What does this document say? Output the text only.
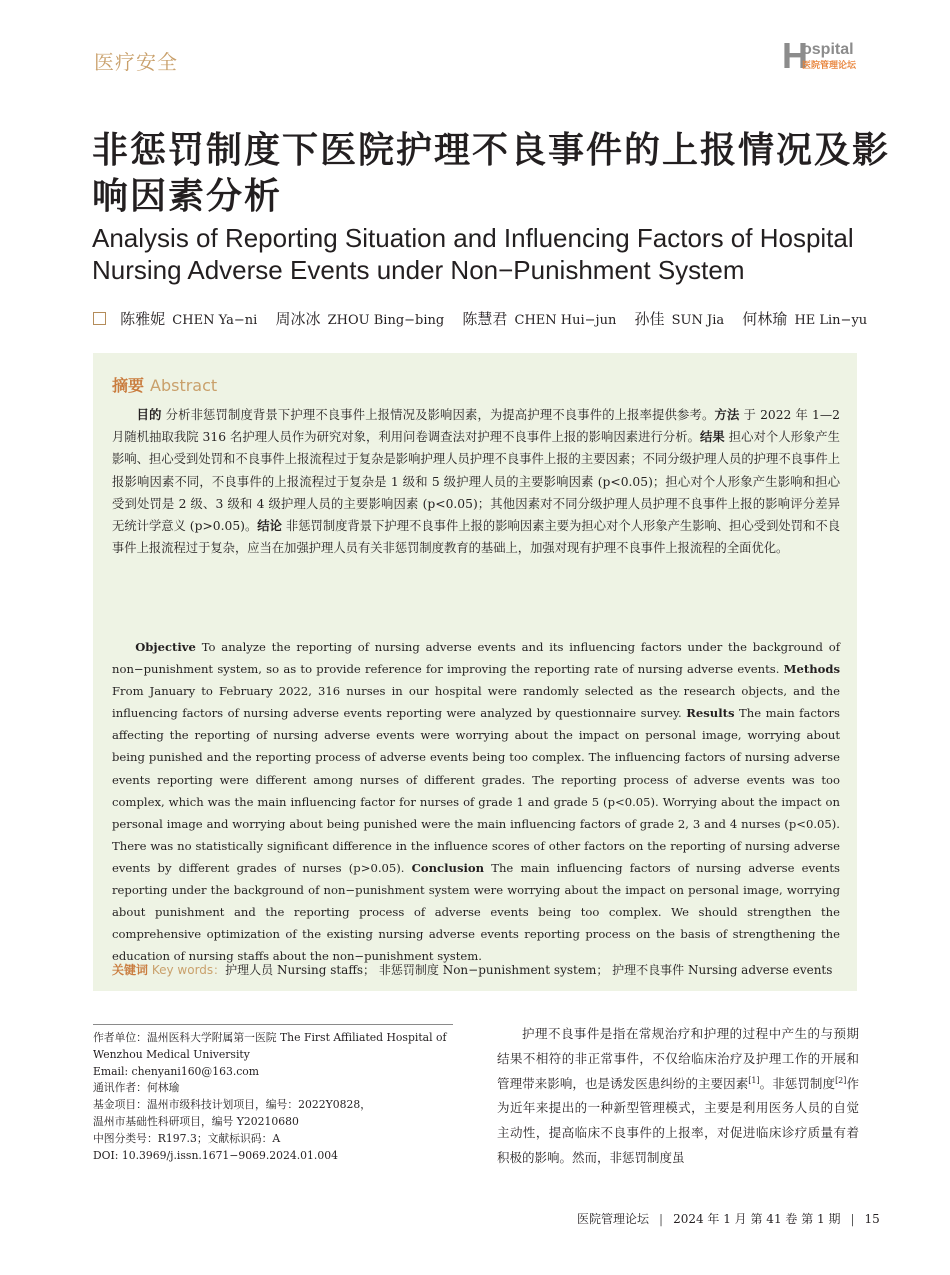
医疗安全	H
ospital
医院管理论坛
非惩罚制度下医院护理不良事件的上报情况及影响因素分析
Analysis of Reporting Situation and Influencing Factors of Hospital Nursing Adverse Events under Non−Punishment System
陈雅妮 CHEN Ya−ni 周冰冰 ZHOU Bing−bing 陈慧君 CHEN Hui−jun 孙佳 SUN Jia 何林瑜 HE Lin−yu
摘要 Abstract

目的 分析非惩罚制度背景下护理不良事件上报情况及影响因素，为提高护理不良事件的上报率提供参考。方法 于 2022 年 1—2 月随机抽取我院 316 名护理人员作为研究对象，利用问卷调查法对护理不良事件上报的影响因素进行分析。结果 担心对个人形象产生影响、担心受到处罚和不良事件上报流程过于复杂是影响护理人员护理不良事件上报的主要因素；不同分级护理人员的护理不良事件上报影响因素不同，不良事件的上报流程过于复杂是 1 级和 5 级护理人员的主要影响因素 (p<0.05)；担心对个人形象产生影响和担心受到处罚是 2 级、3 级和 4 级护理人员的主要影响因素 (p<0.05)；其他因素对不同分级护理人员护理不良事件上报的影响评分差异无统计学意义 (p>0.05)。结论 非惩罚制度背景下护理不良事件上报的影响因素主要为担心对个人形象产生影响、担心受到处罚和不良事件上报流程过于复杂，应当在加强护理人员有关非惩罚制度教育的基础上，加强对现有护理不良事件上报流程的全面优化。

Objective To analyze the reporting of nursing adverse events and its influencing factors under the background of non−punishment system, so as to provide reference for improving the reporting rate of nursing adverse events. Methods From January to February 2022, 316 nurses in our hospital were randomly selected as the research objects, and the influencing factors of nursing adverse events reporting were analyzed by questionnaire survey. Results The main factors affecting the reporting of nursing adverse events were worrying about the impact on personal image, worrying about being punished and the reporting process of adverse events being too complex. The influencing factors of nursing adverse events reporting were different among nurses of different grades. The reporting process of adverse events was too complex, which was the main influencing factor for nurses of grade 1 and grade 5 (p<0.05). Worrying about the impact on personal image and worrying about being punished were the main influencing factors of grade 2, 3 and 4 nurses (p<0.05). There was no statistically significant difference in the influence scores of other factors on the reporting of nursing adverse events by different grades of nurses (p>0.05). Conclusion The main influencing factors of nursing adverse events reporting under the background of non−punishment system were worrying about the impact on personal image, worrying about punishment and the reporting process of adverse events being too complex. We should strengthen the comprehensive optimization of the existing nursing adverse events reporting process on the basis of strengthening the education of nursing staffs about the non−punishment system.

关键词 Key words：护理人员 Nursing staffs； 非惩罚制度 Non−punishment system； 护理不良事件 Nursing adverse events
作者单位：温州医科大学附属第一医院 The First Affiliated Hospital of Wenzhou Medical University
Email: chenyani160@163.com
通讯作者：何林瑜
基金项目：温州市级科技计划项目，编号：2022Y0828，
温州市基础性科研项目，编号 Y20210680
中图分类号：R197.3；文献标识码：A
DOI: 10.3969/j.issn.1671−9069.2024.01.004

护理不良事件是指在常规治疗和护理的过程中产生的与预期结果不相符的非正常事件，不仅给临床治疗及护理工作的开展和管理带来影响，也是诱发医患纠纷的主要因素[1]。非惩罚制度[2]作为近年来提出的一种新型管理模式，主要是利用医务人员的自觉主动性，提高临床不良事件的上报率，对促进临床诊疗质量有着积极的影响。然而，非惩罚制度虽

医院管理论坛 | 2024 年 1 月 第 41 卷 第 1 期 | 15
